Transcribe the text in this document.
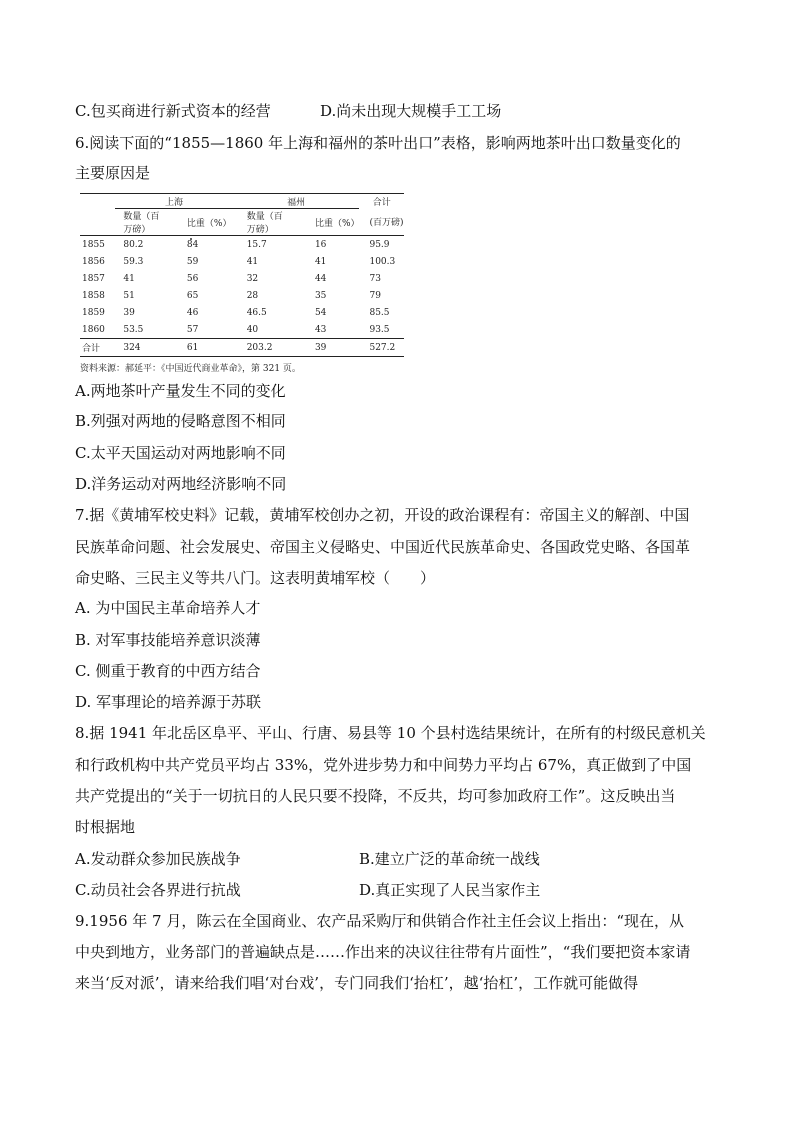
C.包买商进行新式资本的经营	D.尚未出现大规模手工工场
6.阅读下面的“1855—1860 年上海和福州的茶叶出口”表格，影响两地茶叶出口数量变化的
主要原因是
	上海		福州		合计
	数量（百万磅）	比重（%）	数量（百万磅）	比重（%）	(百万磅)
1855	80.2	84	15.7	16	95.9
1856	59.3	59	41	41	100.3
1857	41	56	32	44	73
1858	51	65	28	35	79
1859	39	46	46.5	54	85.5
1860	53.5	57	40	43	93.5
合计	324	61	203.2	39	527.2
资料来源：郝延平：《中国近代商业革命》，第 321 页。
A.两地茶叶产量发生不同的变化
B.列强对两地的侵略意图不相同
C.太平天国运动对两地影响不同
D.洋务运动对两地经济影响不同
7.据《黄埔军校史料》记载，黄埔军校创办之初，开设的政治课程有：帝国主义的解剖、中国
民族革命问题、社会发展史、帝国主义侵略史、中国近代民族革命史、各国政党史略、各国革
命史略、三民主义等共八门。这表明黄埔军校（　　）
A. 为中国民主革命培养人才
B. 对军事技能培养意识淡薄
C. 侧重于教育的中西方结合
D. 军事理论的培养源于苏联
8.据 1941 年北岳区阜平、平山、行唐、易县等 10 个县村选结果统计，在所有的村级民意机关
和行政机构中共产党员平均占 33%，党外进步势力和中间势力平均占 67%，真正做到了中国
共产党提出的“关于一切抗日的人民只要不投降，不反共，均可参加政府工作”。这反映出当
时根据地
A.发动群众参加民族战争	B.建立广泛的革命统一战线
C.动员社会各界进行抗战	D.真正实现了人民当家作主
9.1956 年 7 月，陈云在全国商业、农产品采购厅和供销合作社主任会议上指出：“现在，从
中央到地方，业务部门的普遍缺点是……作出来的决议往往带有片面性”，“我们要把资本家请
来当‘反对派’，请来给我们唱‘对台戏’，专门同我们‘抬杠’，越‘抬杠’，工作就可能做得
